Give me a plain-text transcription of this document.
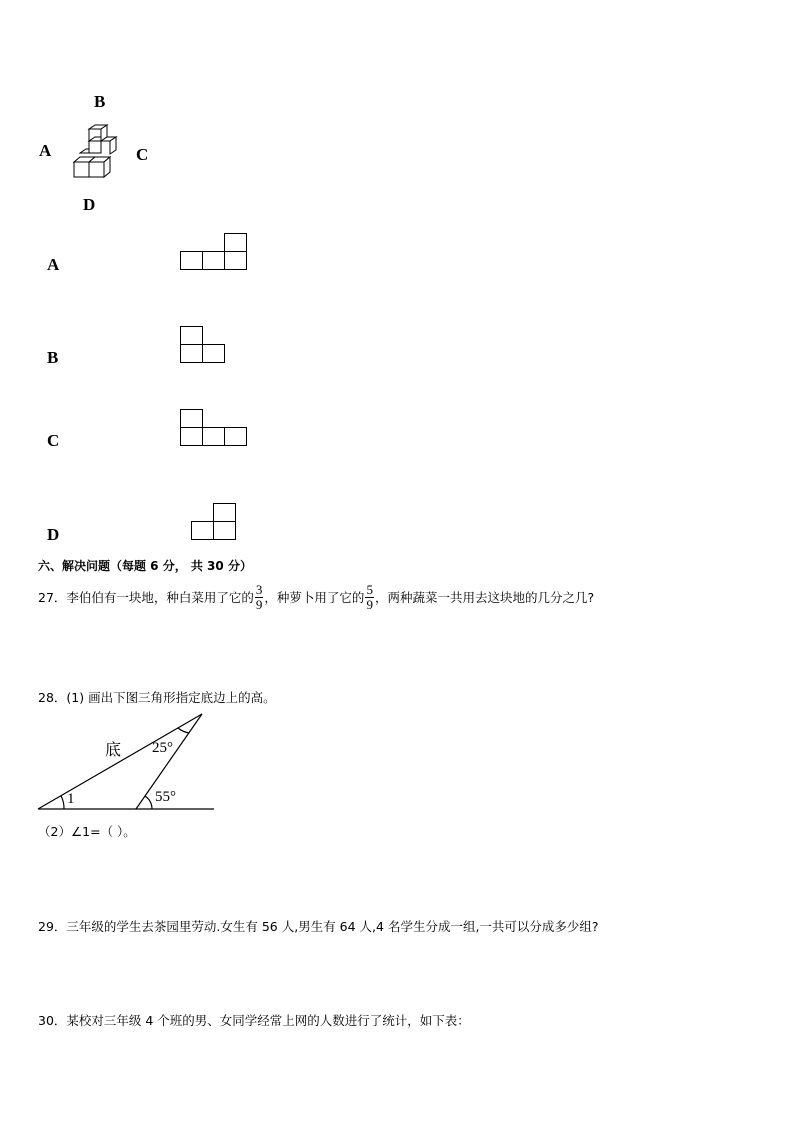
B
A	C
D
A
B
C
D
六、解决问题（每题 6 分， 共 30 分）
27．李伯伯有一块地，种白菜用了它的 $\frac{3}{9}$ ，种萝卜用了它的 $\frac{5}{9}$ ，两种蔬菜一共用去这块地的几分之几?
28．(1) 画出下图三角形指定底边上的高。
底 25°
55°
1
（2）∠1=（ ）。
29．三年级的学生去茶园里劳动.女生有 56 人,男生有 64 人,4 名学生分成一组,一共可以分成多少组?
30．某校对三年级 4 个班的男、女同学经常上网的人数进行了统计，如下表：
